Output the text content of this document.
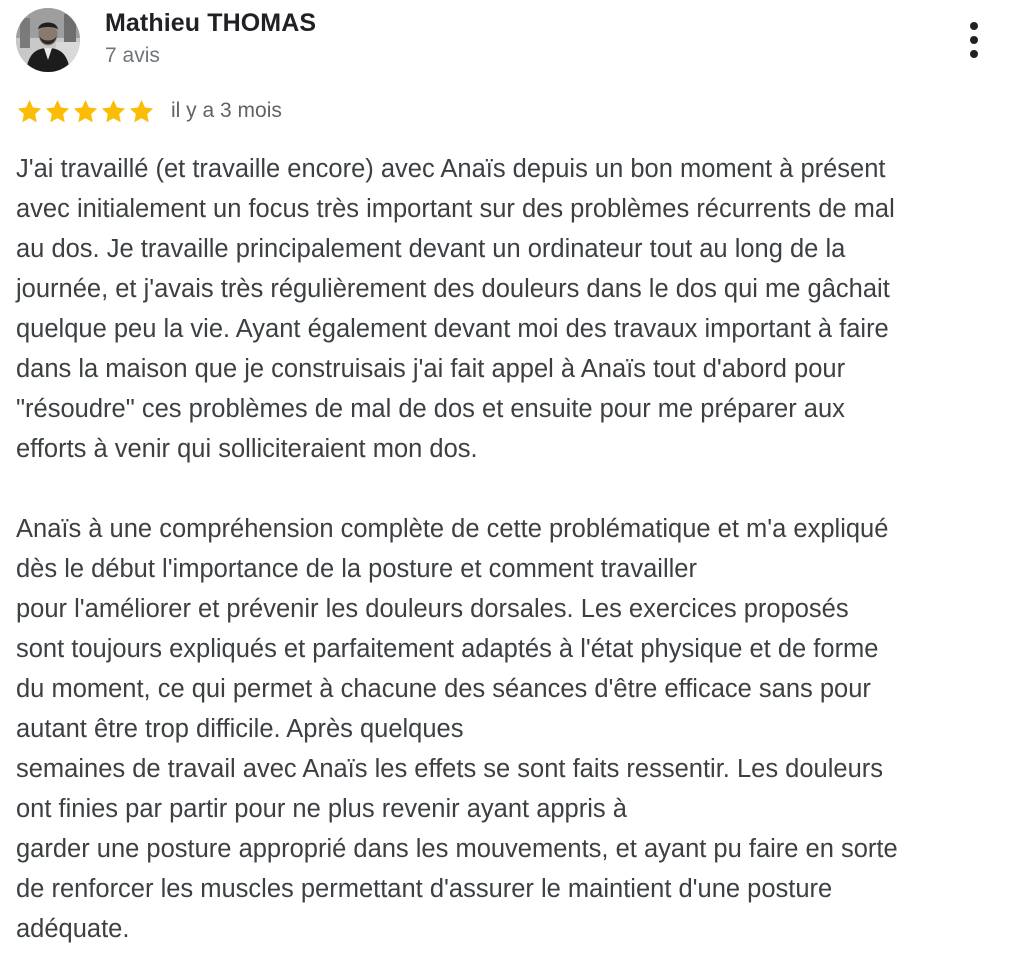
Mathieu THOMAS
7 avis
il y a 3 mois

J'ai travaillé (et travaille encore) avec Anaïs depuis un bon moment à présent
avec initialement un focus très important sur des problèmes récurrents de mal
au dos. Je travaille principalement devant un ordinateur tout au long de la
journée, et j'avais très régulièrement des douleurs dans le dos qui me gâchait
quelque peu la vie. Ayant également devant moi des travaux important à faire
dans la maison que je construisais j'ai fait appel à Anaïs tout d'abord pour
"résoudre" ces problèmes de mal de dos et ensuite pour me préparer aux
efforts à venir qui solliciteraient mon dos.

Anaïs à une compréhension complète de cette problématique et m'a expliqué
dès le début l'importance de la posture et comment travailler
pour l'améliorer et prévenir les douleurs dorsales. Les exercices proposés
sont toujours expliqués et parfaitement adaptés à l'état physique et de forme
du moment, ce qui permet à chacune des séances d'être efficace sans pour
autant être trop difficile. Après quelques
semaines de travail avec Anaïs les effets se sont faits ressentir. Les douleurs
ont finies par partir pour ne plus revenir ayant appris à
garder une posture approprié dans les mouvements, et ayant pu faire en sorte
de renforcer les muscles permettant d'assurer le maintient d'une posture
adéquate.
